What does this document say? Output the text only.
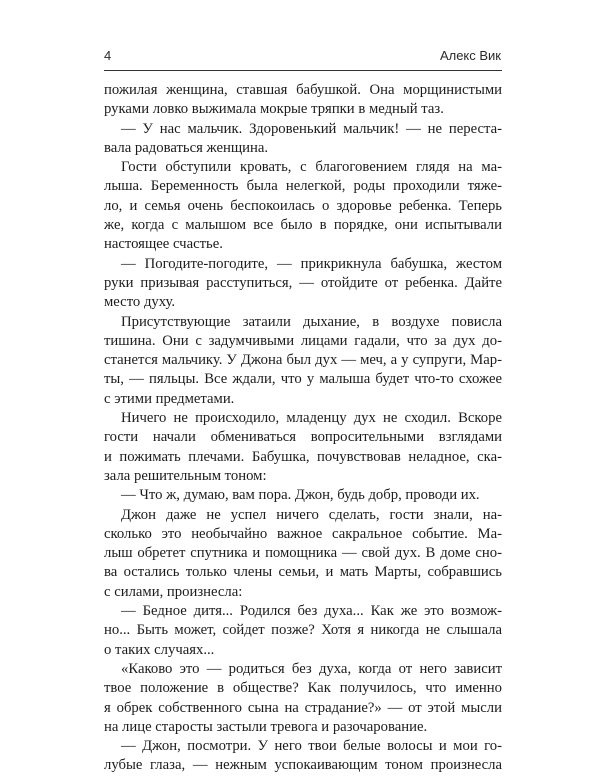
4	Алекс Вик
пожилая женщина, ставшая бабушкой. Она морщинистыми
руками ловко выжимала мокрые тряпки в медный таз.
— У нас мальчик. Здоровенький мальчик! — не переста-
вала радоваться женщина.
Гости обступили кровать, с благоговением глядя на ма-
лыша. Беременность была нелегкой, роды проходили тяже-
ло, и семья очень беспокоилась о здоровье ребенка. Теперь
же, когда с малышом все было в порядке, они испытывали
настоящее счастье.
— Погодите-погодите, — прикрикнула бабушка, жестом
руки призывая расступиться, — отойдите от ребенка. Дайте
место духу.
Присутствующие затаили дыхание, в воздухе повисла
тишина. Они с задумчивыми лицами гадали, что за дух до-
станется мальчику. У Джона был дух — меч, а у супруги, Мар-
ты, — пяльцы. Все ждали, что у малыша будет что-то схожее
с этими предметами.
Ничего не происходило, младенцу дух не сходил. Вскоре
гости начали обмениваться вопросительными взглядами
и пожимать плечами. Бабушка, почувствовав неладное, ска-
зала решительным тоном:
— Что ж, думаю, вам пора. Джон, будь добр, проводи их.
Джон даже не успел ничего сделать, гости знали, на-
сколько это необычайно важное сакральное событие. Ма-
лыш обретет спутника и помощника — свой дух. В доме сно-
ва остались только члены семьи, и мать Марты, собравшись
с силами, произнесла:
— Бедное дитя... Родился без духа... Как же это возмож-
но... Быть может, сойдет позже? Хотя я никогда не слышала
о таких случаях...
«Каково это — родиться без духа, когда от него зависит
твое положение в обществе? Как получилось, что именно
я обрек собственного сына на страдание?» — от этой мысли
на лице старосты застыли тревога и разочарование.
— Джон, посмотри. У него твои белые волосы и мои го-
лубые глаза, — нежным успокаивающим тоном произнесла
